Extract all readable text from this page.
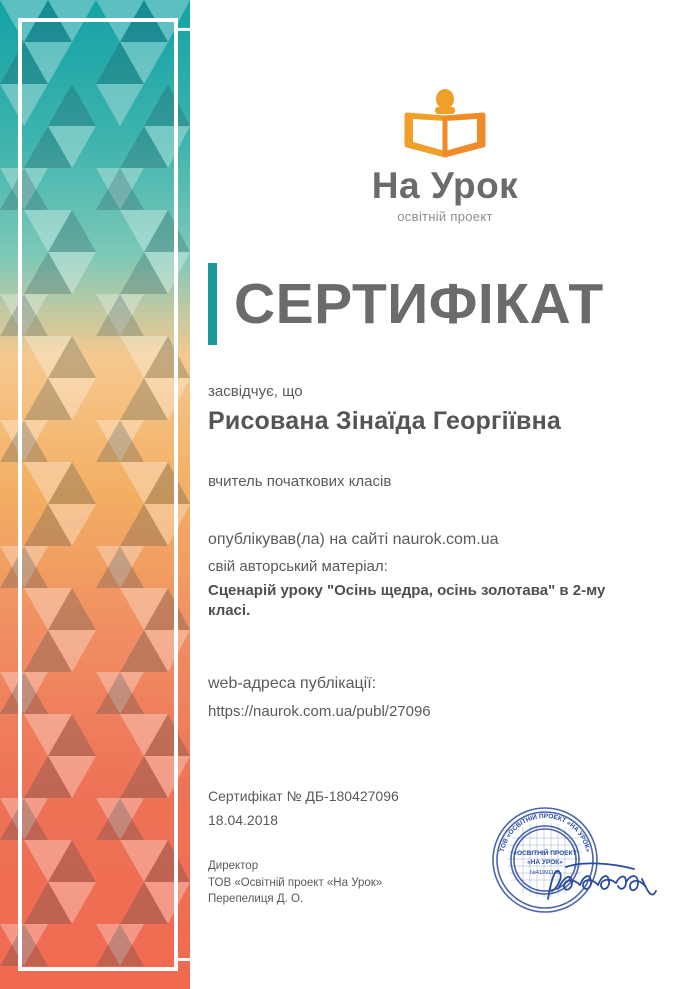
На Урок
освітній проект
СЕРТИФІКАТ
засвідчує, що
Рисована Зінаїда Георгіївна
вчитель початкових класів
опублікував(ла) на сайті naurok.com.ua
свій авторський матеріал:
Сценарій уроку "Осінь щедра, осінь золотава" в 2-му класі.
web-адреса публікації:
https://naurok.com.ua/publ/27096
Сертифікат № ДБ-180427096
18.04.2018
Директор
ТОВ «Освітній проект «На Урок»
Перепелиця Д. О.
ТОВ «ОСВІТНІЙ ПРОЕКТ «НА УРОК»
«ОСВІТНІЙ ПРОЕКТ
«НА УРОК»
№41991148
